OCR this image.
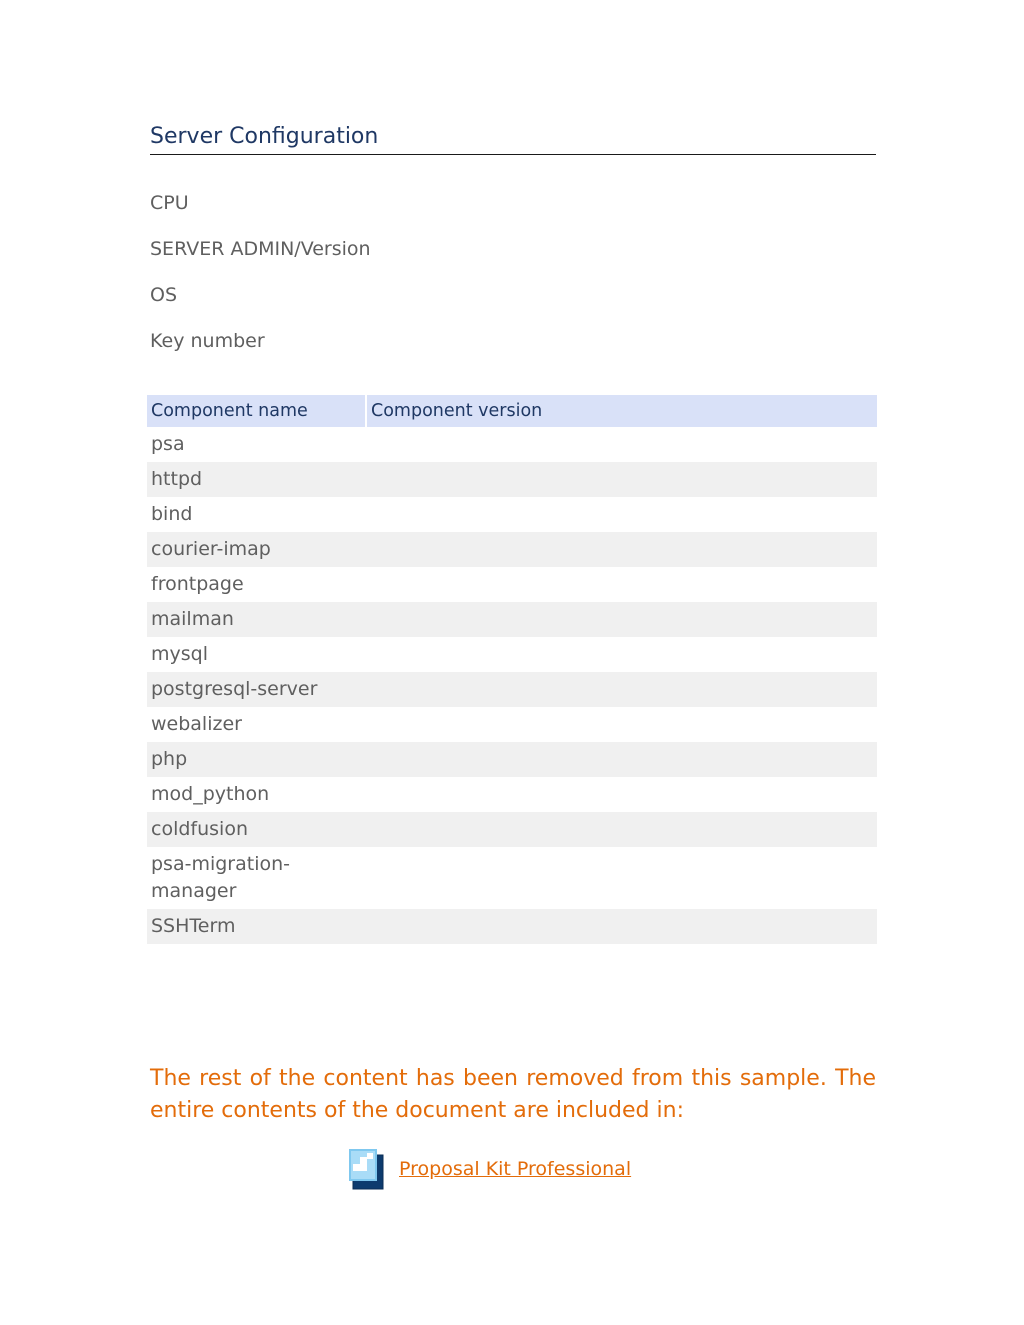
Server Configuration
CPU
SERVER ADMIN/Version
OS
Key number
Component name	Component version
psa	
httpd	
bind	
courier-imap	
frontpage	
mailman	
mysql	
postgresql-server	
webalizer	
php	
mod_python	
coldfusion	
psa-migration-manager	
SSHTerm	

The rest of the content has been removed from this sample. The entire contents of the document are included in:

Proposal Kit Professional
